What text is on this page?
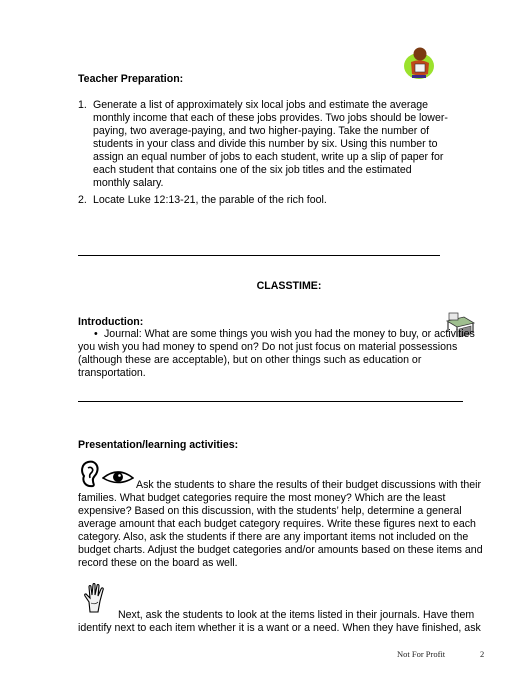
Teacher Preparation:

1. Generate a list of approximately six local jobs and estimate the average monthly income that each of these jobs provides. Two jobs should be lower-paying, two average-paying, and two higher-paying. Take the number of students in your class and divide this number by six. Using this number to assign an equal number of jobs to each student, write up a slip of paper for each student that contains one of the six job titles and the estimated monthly salary.

2. Locate Luke 12:13-21, the parable of the rich fool.

CLASSTIME:

Introduction:

• Journal: What are some things you wish you had the money to buy, or activities you wish you had money to spend on? Do not just focus on material possessions (although these are acceptable), but on other things such as education or transportation.

Presentation/learning activities:

Ask the students to share the results of their budget discussions with their families. What budget categories require the most money? Which are the least expensive? Based on this discussion, with the students’ help, determine a general average amount that each budget category requires. Write these figures next to each category. Also, ask the students if there are any important items not included on the budget charts. Adjust the budget categories and/or amounts based on these items and record these on the board as well.

Next, ask the students to look at the items listed in their journals. Have them identify next to each item whether it is a want or a need. When they have finished, ask

Not For Profit	2
